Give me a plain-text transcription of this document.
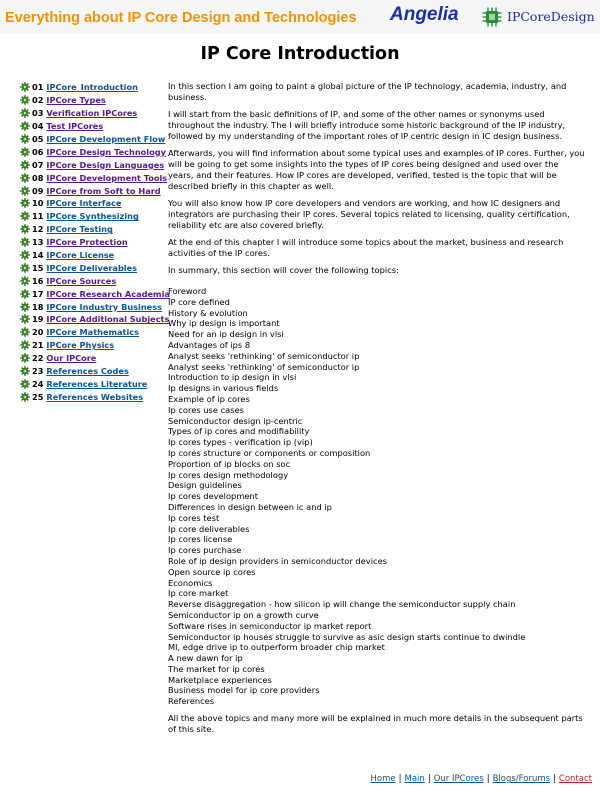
Everything about IP Core Design and Technologies Angelia	IPCoreDesign
IP Core Introduction
01 IPCore_Introduction
02 IPCore Types
03 Verification IPCores
04 Test IPCores
05 IPCore Development Flow
06 IPCore Design Technology
07 IPCore Design Languages
08 IPCore Development Tools
09 IPCore from Soft to Hard
10 IPCore Interface
11 IPCore Synthesizing
12 IPCore Testing
13 IPCore Protection
14 IPCore License
15 IPCore Deliverables
16 IPCore Sources
17 IPCore Research Academia
18 IPCore Industry Business
19 IPCore Additional Subjects
20 IPCore Mathematics
21 IPCore Physics
22 Our IPCore
23 References Codes
24 References Literature
25 References Websites

In this section I am going to paint a global picture of the IP technology, academia, industry, and business.

I will start from the basic definitions of IP, and some of the other names or synonyms used throughout the industry. The I will briefly introduce some historic background of the IP industry, followed by my understanding of the important roles of IP centric design in IC design business.

Afterwards, you will find information about some typical uses and examples of IP cores. Further, you will be going to get some insights into the types of IP cores being designed and used over the years, and their features. How IP cores are developed, verified, tested is the topic that will be described briefly in this chapter as well.

You will also know how IP core developers and vendors are working, and how IC designers and integrators are purchasing their IP cores. Several topics related to licensing, quality certification, reliability etc are also covered briefly.

At the end of this chapter I will introduce some topics about the market, business and research activities of the IP cores.

In summary, this section will cover the following topics:

Foreword
IP core defined
History & evolution
Why ip design is important
Need for an ip design in vlsi
Advantages of ips 8
Analyst seeks 'rethinking' of semiconductor ip
Analyst seeks 'rethinking' of semiconductor ip
Introduction to ip design in vlsi
Ip designs in various fields
Example of ip cores
Ip cores use cases
Semiconductor design ip-centric
Types of ip cores and modifiability
Ip cores types - verification ip (vip)
Ip cores structure or components or composition
Proportion of ip blocks on soc
Ip cores design methodology
Design guidelines
Ip cores development
Differences in design between ic and ip
Ip cores test
Ip core deliverables
Ip cores license
Ip cores purchase
Role of ip design providers in semiconductor devices
Open source ip cores
Economics
Ip core market
Reverse disaggregation - how silicon ip will change the semiconductor supply chain
Semiconductor ip on a growth curve
Software rises in semiconductor ip market report
Semiconductor ip houses struggle to survive as asic design starts continue to dwindle
Ml, edge drive ip to outperform broader chip market
A new dawn for ip
The market for ip cores
Marketplace experiences
Business model for ip core providers
References

All the above topics and many more will be explained in much more details in the subsequent parts of this site.

Home | Main | Our IPCores | Blogs/Forums | Contact
